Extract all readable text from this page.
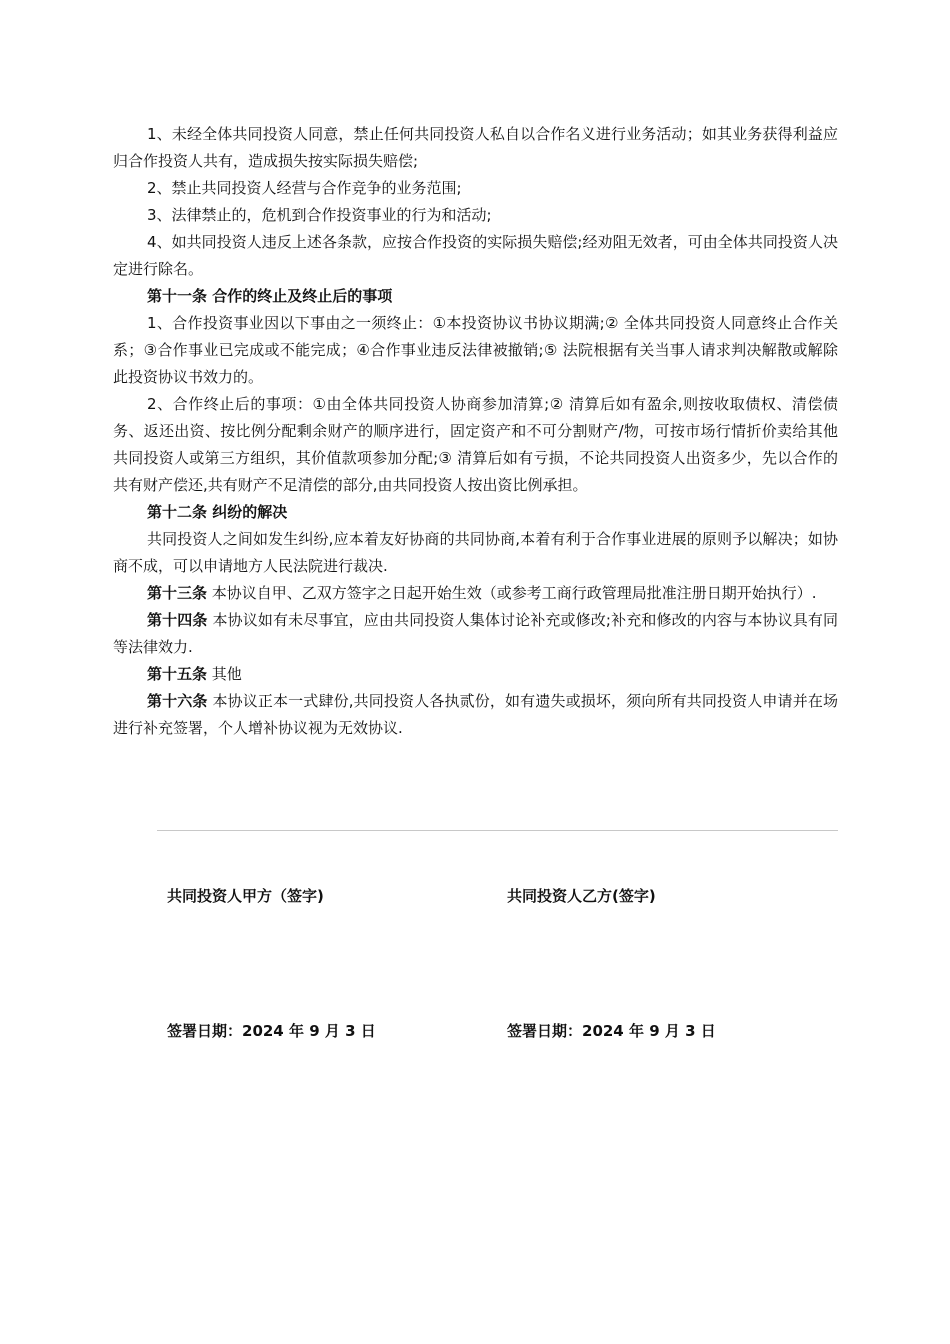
1、未经全体共同投资人同意，禁止任何共同投资人私自以合作名义进行业务活动；如其业务获得利益应归合作投资人共有，造成损失按实际损失赔偿;

2、禁止共同投资人经营与合作竞争的业务范围;

3、法律禁止的，危机到合作投资事业的行为和活动;

4、如共同投资人违反上述各条款，应按合作投资的实际损失赔偿;经劝阻无效者，可由全体共同投资人决定进行除名。

第十一条 合作的终止及终止后的事项

1、合作投资事业因以下事由之一须终止：①本投资协议书协议期满;② 全体共同投资人同意终止合作关系；③合作事业已完成或不能完成；④合作事业违反法律被撤销;⑤ 法院根据有关当事人请求判决解散或解除此投资协议书效力的。

2、合作终止后的事项：①由全体共同投资人协商参加清算;② 清算后如有盈余,则按收取债权、清偿债务、返还出资、按比例分配剩余财产的顺序进行，固定资产和不可分割财产/物，可按市场行情折价卖给其他共同投资人或第三方组织，其价值款项参加分配;③ 清算后如有亏损，不论共同投资人出资多少，先以合作的共有财产偿还,共有财产不足清偿的部分,由共同投资人按出资比例承担。

第十二条 纠纷的解决

共同投资人之间如发生纠纷,应本着友好协商的共同协商,本着有利于合作事业进展的原则予以解决；如协商不成，可以申请地方人民法院进行裁决.

第十三条 本协议自甲、乙双方签字之日起开始生效（或参考工商行政管理局批准注册日期开始执行）.

第十四条 本协议如有未尽事宜，应由共同投资人集体讨论补充或修改;补充和修改的内容与本协议具有同等法律效力.

第十五条 其他

第十六条 本协议正本一式肆份,共同投资人各执贰份，如有遗失或损坏，须向所有共同投资人申请并在场进行补充签署，个人增补协议视为无效协议.

共同投资人甲方（签字)	共同投资人乙方(签字)
签署日期：2024 年 9 月 3 日	签署日期：2024 年 9 月 3 日
